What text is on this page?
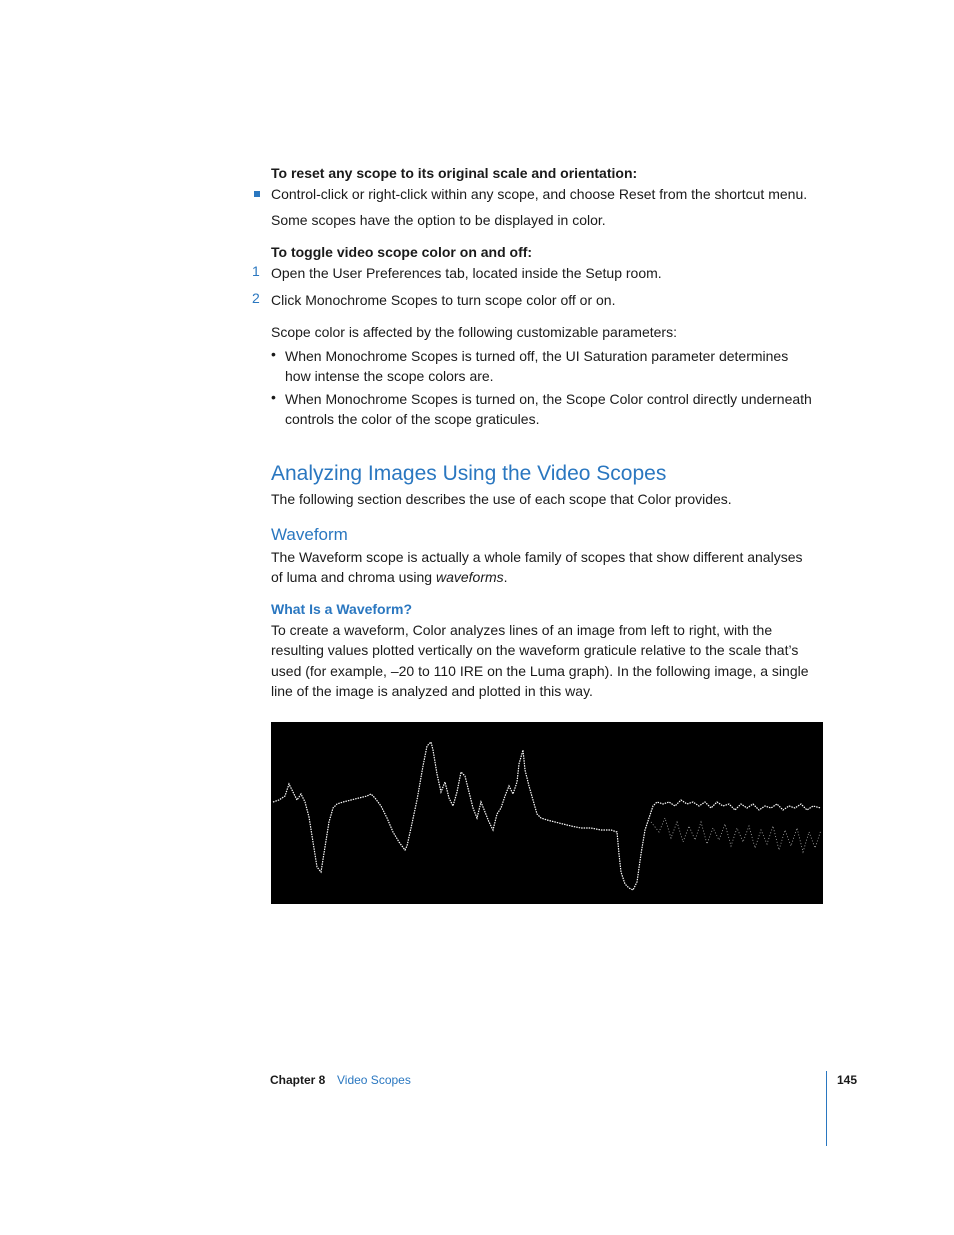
To reset any scope to its original scale and orientation:
Control-click or right-click within any scope, and choose Reset from the shortcut menu.
Some scopes have the option to be displayed in color.
To toggle video scope color on and off:
1 Open the User Preferences tab, located inside the Setup room.
2 Click Monochrome Scopes to turn scope color off or on.
Scope color is affected by the following customizable parameters:
• When Monochrome Scopes is turned off, the UI Saturation parameter determines
how intense the scope colors are.
• When Monochrome Scopes is turned on, the Scope Color control directly underneath
controls the color of the scope graticules.
Analyzing Images Using the Video Scopes
The following section describes the use of each scope that Color provides.
Waveform
The Waveform scope is actually a whole family of scopes that show different analyses
of luma and chroma using waveforms.
What Is a Waveform?
To create a waveform, Color analyzes lines of an image from left to right, with the
resulting values plotted vertically on the waveform graticule relative to the scale that’s
used (for example, –20 to 110 IRE on the Luma graph). In the following image, a single
line of the image is analyzed and plotted in this way.
Chapter 8 Video Scopes	145
